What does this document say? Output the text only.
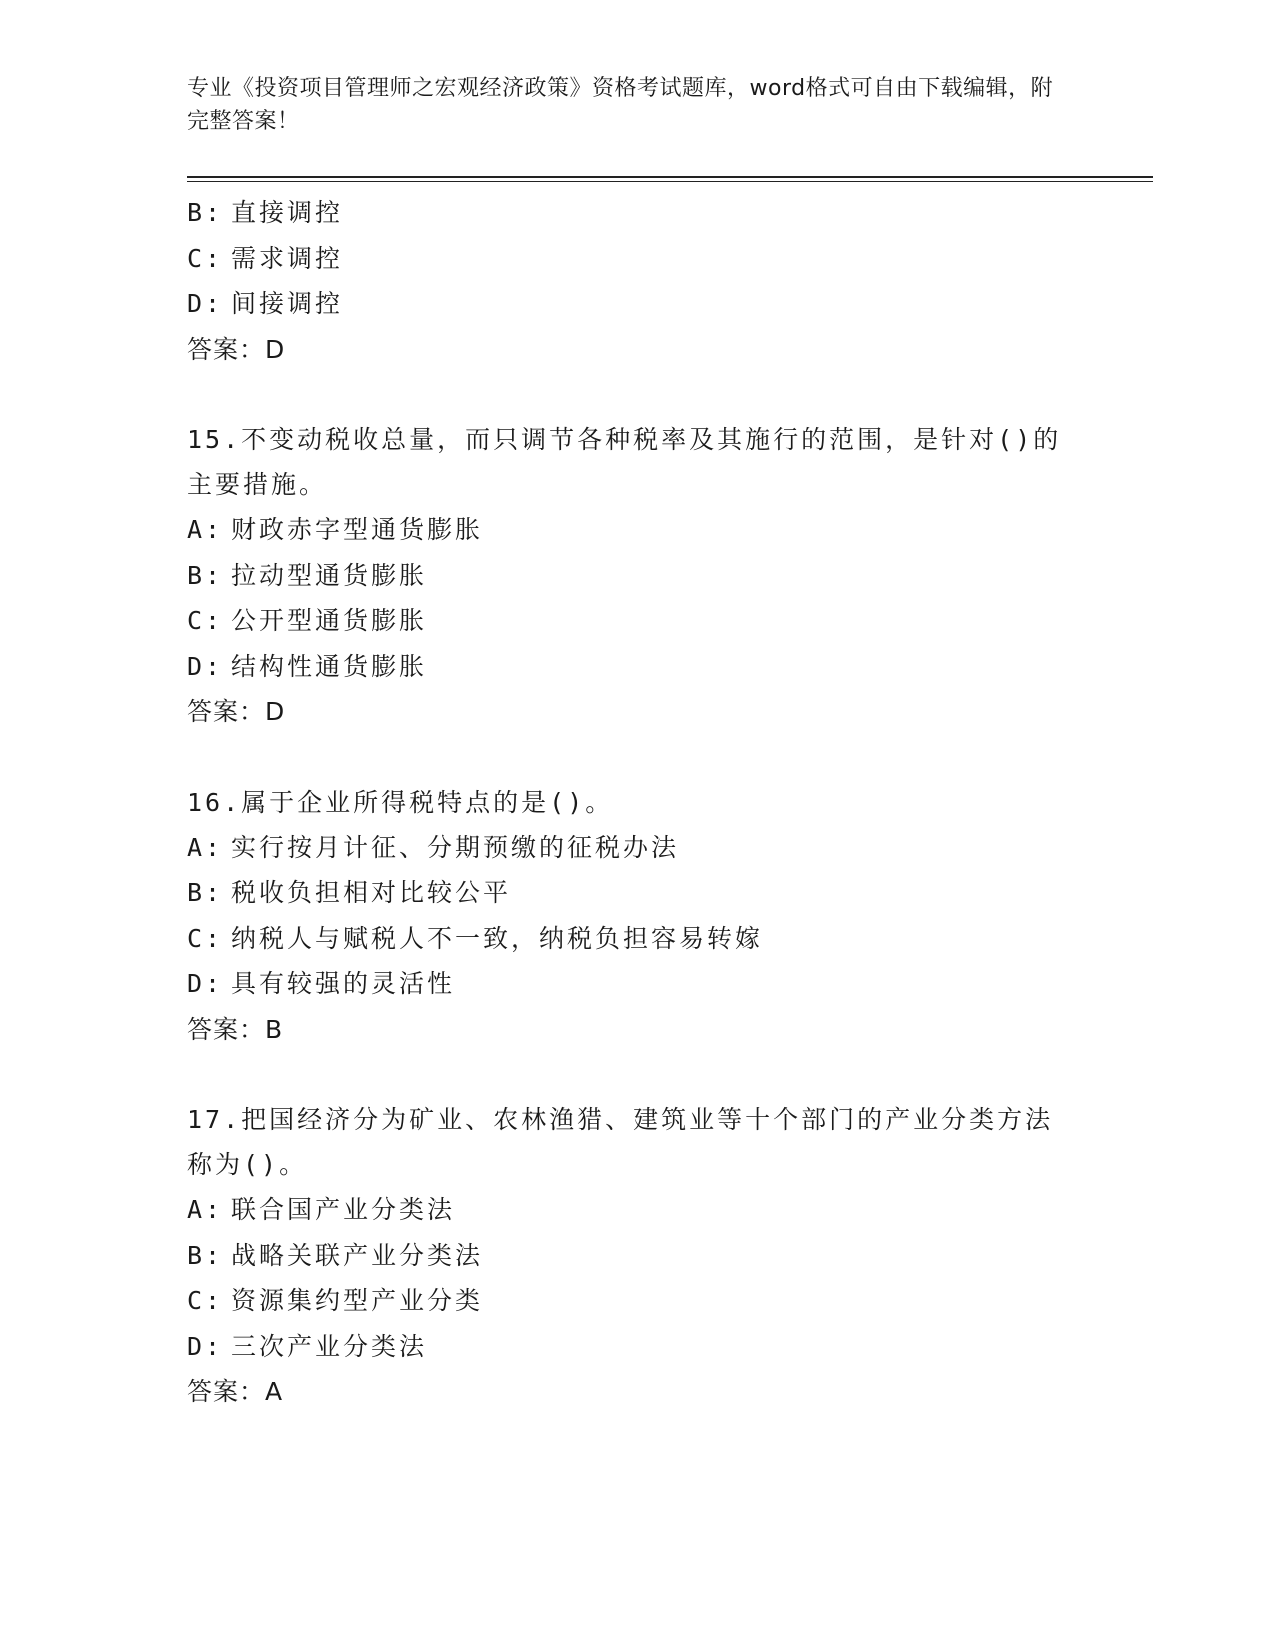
专业《投资项目管理师之宏观经济政策》资格考试题库，word格式可自由下载编辑，附完整答案！
B: 直接调控
C: 需求调控
D: 间接调控
答案：D
15.不变动税收总量，而只调节各种税率及其施行的范围，是针对()的主要措施。
A: 财政赤字型通货膨胀
B: 拉动型通货膨胀
C: 公开型通货膨胀
D: 结构性通货膨胀
答案：D
16.属于企业所得税特点的是()。
A: 实行按月计征、分期预缴的征税办法
B: 税收负担相对比较公平
C: 纳税人与赋税人不一致，纳税负担容易转嫁
D: 具有较强的灵活性
答案：B
17.把国经济分为矿业、农林渔猎、建筑业等十个部门的产业分类方法称为()。
A: 联合国产业分类法
B: 战略关联产业分类法
C: 资源集约型产业分类
D: 三次产业分类法
答案：A
